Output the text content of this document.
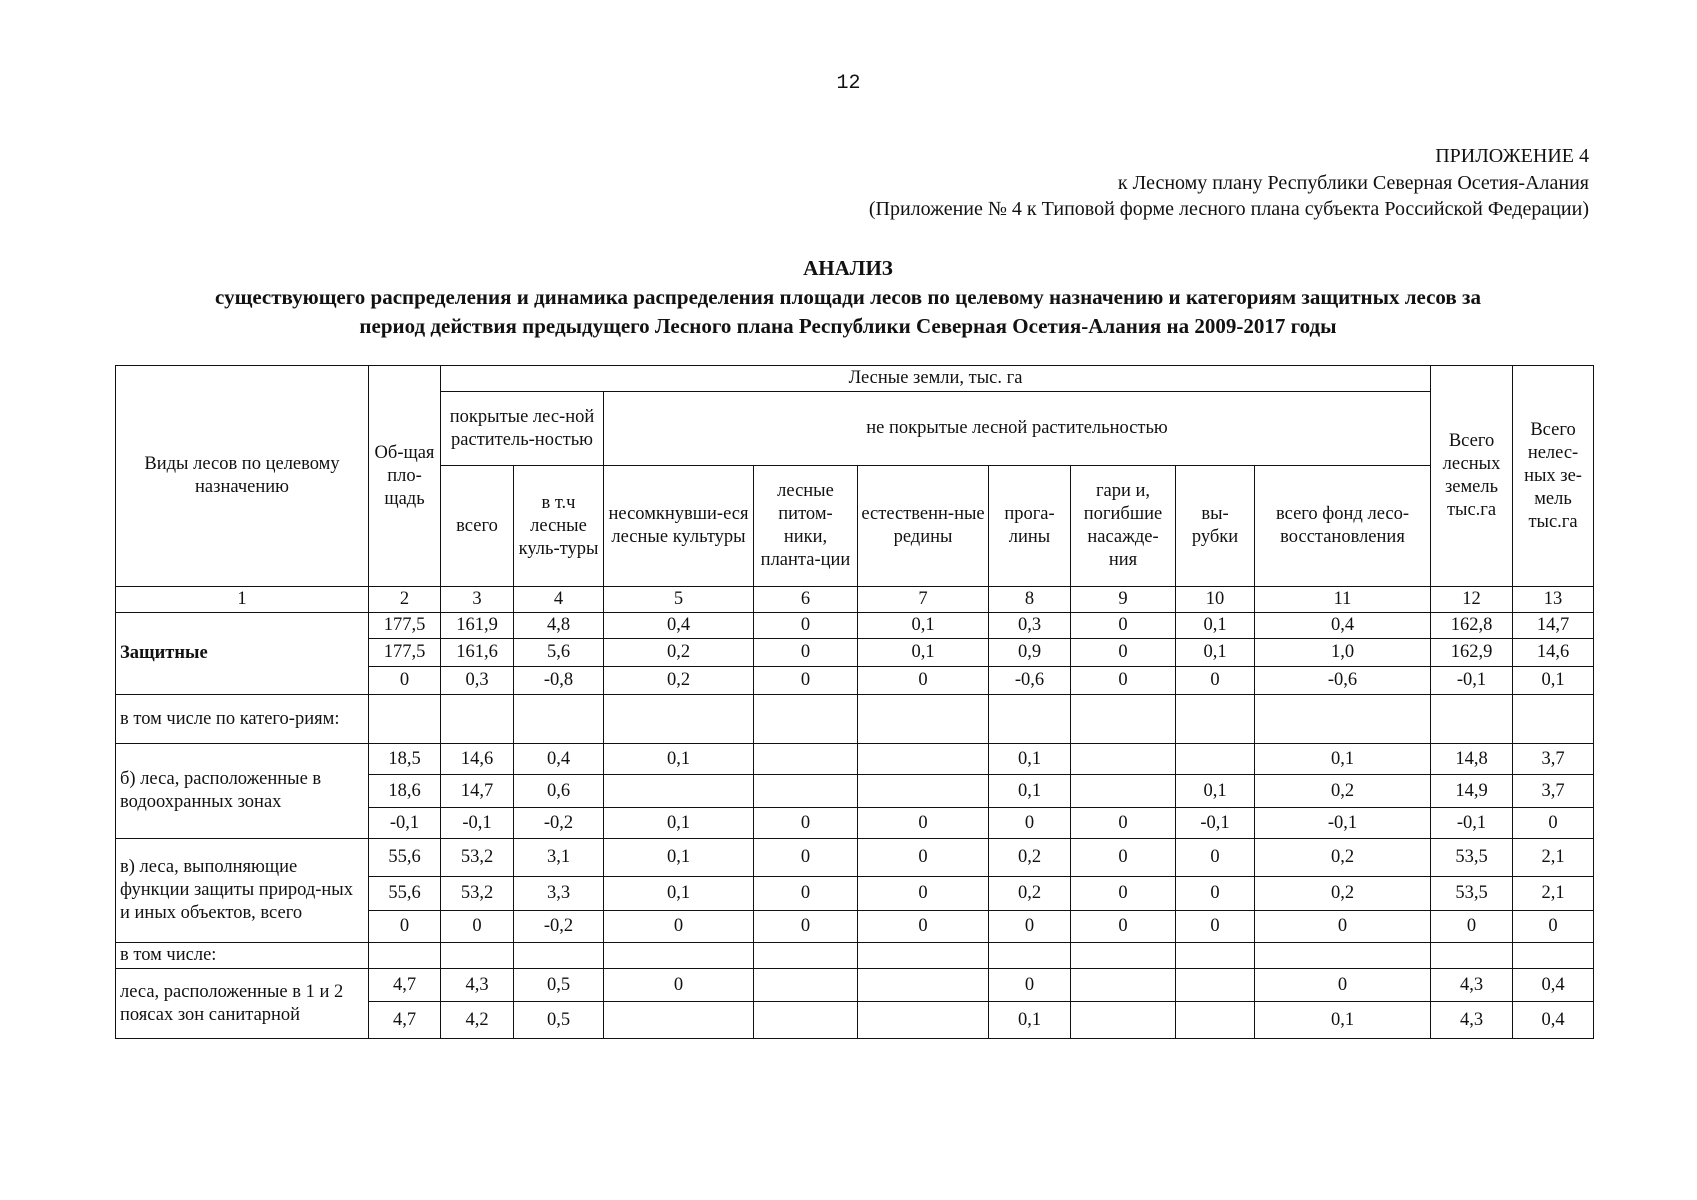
12
ПРИЛОЖЕНИЕ 4
к Лесному плану Республики Северная Осетия-Алания
(Приложение № 4 к Типовой форме лесного плана субъекта Российской Федерации)
АНАЛИЗ
существующего распределения и динамика распределения площади лесов по целевому назначению и категориям защитных лесов за
период действия предыдущего Лесного плана Республики Северная Осетия-Алания на 2009-2017 годы
Виды лесов по целевому назначению	Об-щая пло-щадь	Лесные земли, тыс. га									Всего лесных земель тыс.га	Всего нелес-ных зе-мель тыс.га
		покрытые лес-ной раститель-ностью		не покрытые лесной растительностью								
		всего	в т.ч лесные куль-туры	несомкнувши-еся лесные культуры	лесные питом-ники, планта-ции	естественн-ные редины	прога-лины	гари и, погибшие насажде-ния	вы-рубки	всего фонд лесо-восстановления		
1	2	3	4	5	6	7	8	9	10	11	12	13
Защитные	177,5	161,9	4,8	0,4	0	0,1	0,3	0	0,1	0,4	162,8	14,7
	177,5	161,6	5,6	0,2	0	0,1	0,9	0	0,1	1,0	162,9	14,6
	0	0,3	-0,8	0,2	0	0	-0,6	0	0	-0,6	-0,1	0,1
в том числе по катего-риям:												
б) леса, расположенные в водоохранных зонах	18,5	14,6	0,4	0,1			0,1			0,1	14,8	3,7
	18,6	14,7	0,6				0,1		0,1	0,2	14,9	3,7
	-0,1	-0,1	-0,2	0,1	0	0	0	0	-0,1	-0,1	-0,1	0
в) леса, выполняющие функции защиты природ-ных и иных объектов, всего	55,6	53,2	3,1	0,1	0	0	0,2	0	0	0,2	53,5	2,1
	55,6	53,2	3,3	0,1	0	0	0,2	0	0	0,2	53,5	2,1
	0	0	-0,2	0	0	0	0	0	0	0	0	0
в том числе:												
леса, расположенные в 1 и 2 поясах зон санитарной	4,7	4,3	0,5	0			0			0	4,3	0,4
	4,7	4,2	0,5				0,1			0,1	4,3	0,4
